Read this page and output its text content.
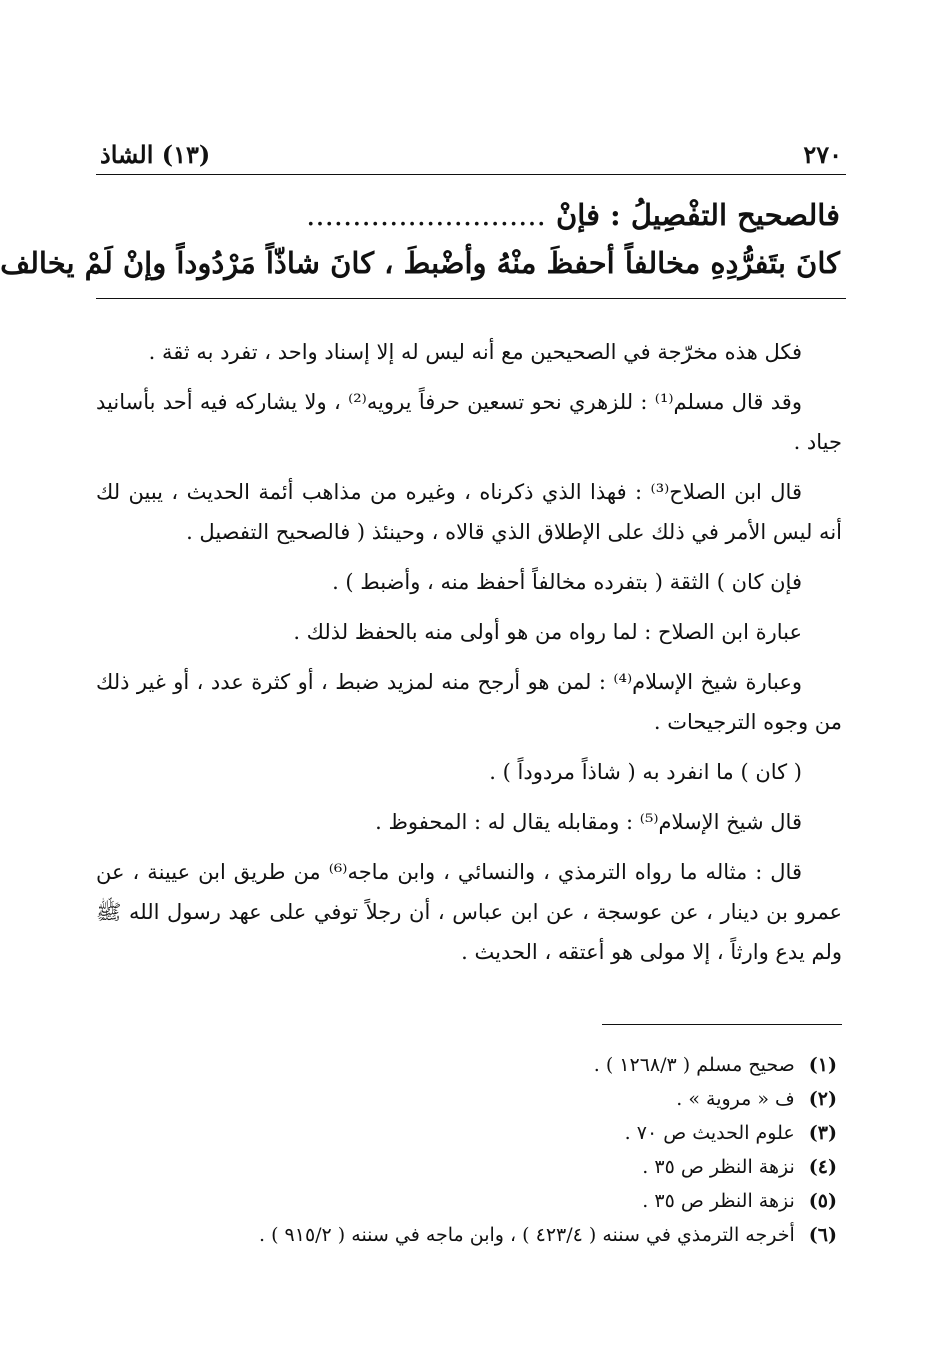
٢٧٠
(١٣) الشاذ
فالصحيح التفْصِيلُ : فإنْ ..........................
كانَ بتَفرُّدِهِ مخالفاً أحفظَ منْهُ وأضْبطَ ، كانَ شاذّاً مَرْدُوداً وإنْ لَمْ يخالف

فكل هذه مخرّجة في الصحيحين مع أنه ليس له إلا إسناد واحد ، تفرد به ثقة .

وقد قال مسلم⁽¹⁾ : للزهري نحو تسعين حرفاً يرويه⁽²⁾ ، ولا يشاركه فيه أحد بأسانيد جياد .

قال ابن الصلاح⁽³⁾ : فهذا الذي ذكرناه ، وغيره من مذاهب أئمة الحديث ، يبين لك أنه ليس الأمر في ذلك على الإطلاق الذي قالاه ، وحينئذ ( فالصحيح التفصيل .

فإن كان ) الثقة ( بتفرده مخالفاً أحفظ منه ، وأضبط ) .

عبارة ابن الصلاح : لما رواه من هو أولى منه بالحفظ لذلك .

وعبارة شيخ الإسلام⁽⁴⁾ : لمن هو أرجح منه لمزيد ضبط ، أو كثرة عدد ، أو غير ذلك من وجوه الترجيحات .

( كان ) ما انفرد به ( شاذاً مردوداً ) .

قال شيخ الإسلام⁽⁵⁾ : ومقابله يقال له : المحفوظ .

قال : مثاله ما رواه الترمذي ، والنسائي ، وابن ماجه⁽⁶⁾ من طريق ابن عيينة ، عن عمرو بن دينار ، عن عوسجة ، عن ابن عباس ، أن رجلاً توفي على عهد رسول الله ﷺ ولم يدع وارثاً ، إلا مولى هو أعتقه ، الحديث .

(١) صحيح مسلم ( ١٢٦٨/٣ ) .
(٢) ف « مروية » .
(٣) علوم الحديث ص ٧٠ .
(٤) نزهة النظر ص ٣٥ .
(٥) نزهة النظر ص ٣٥ .
(٦) أخرجه الترمذي في سننه ( ٤٢٣/٤ ) ، وابن ماجه في سننه ( ٩١٥/٢ ) .
